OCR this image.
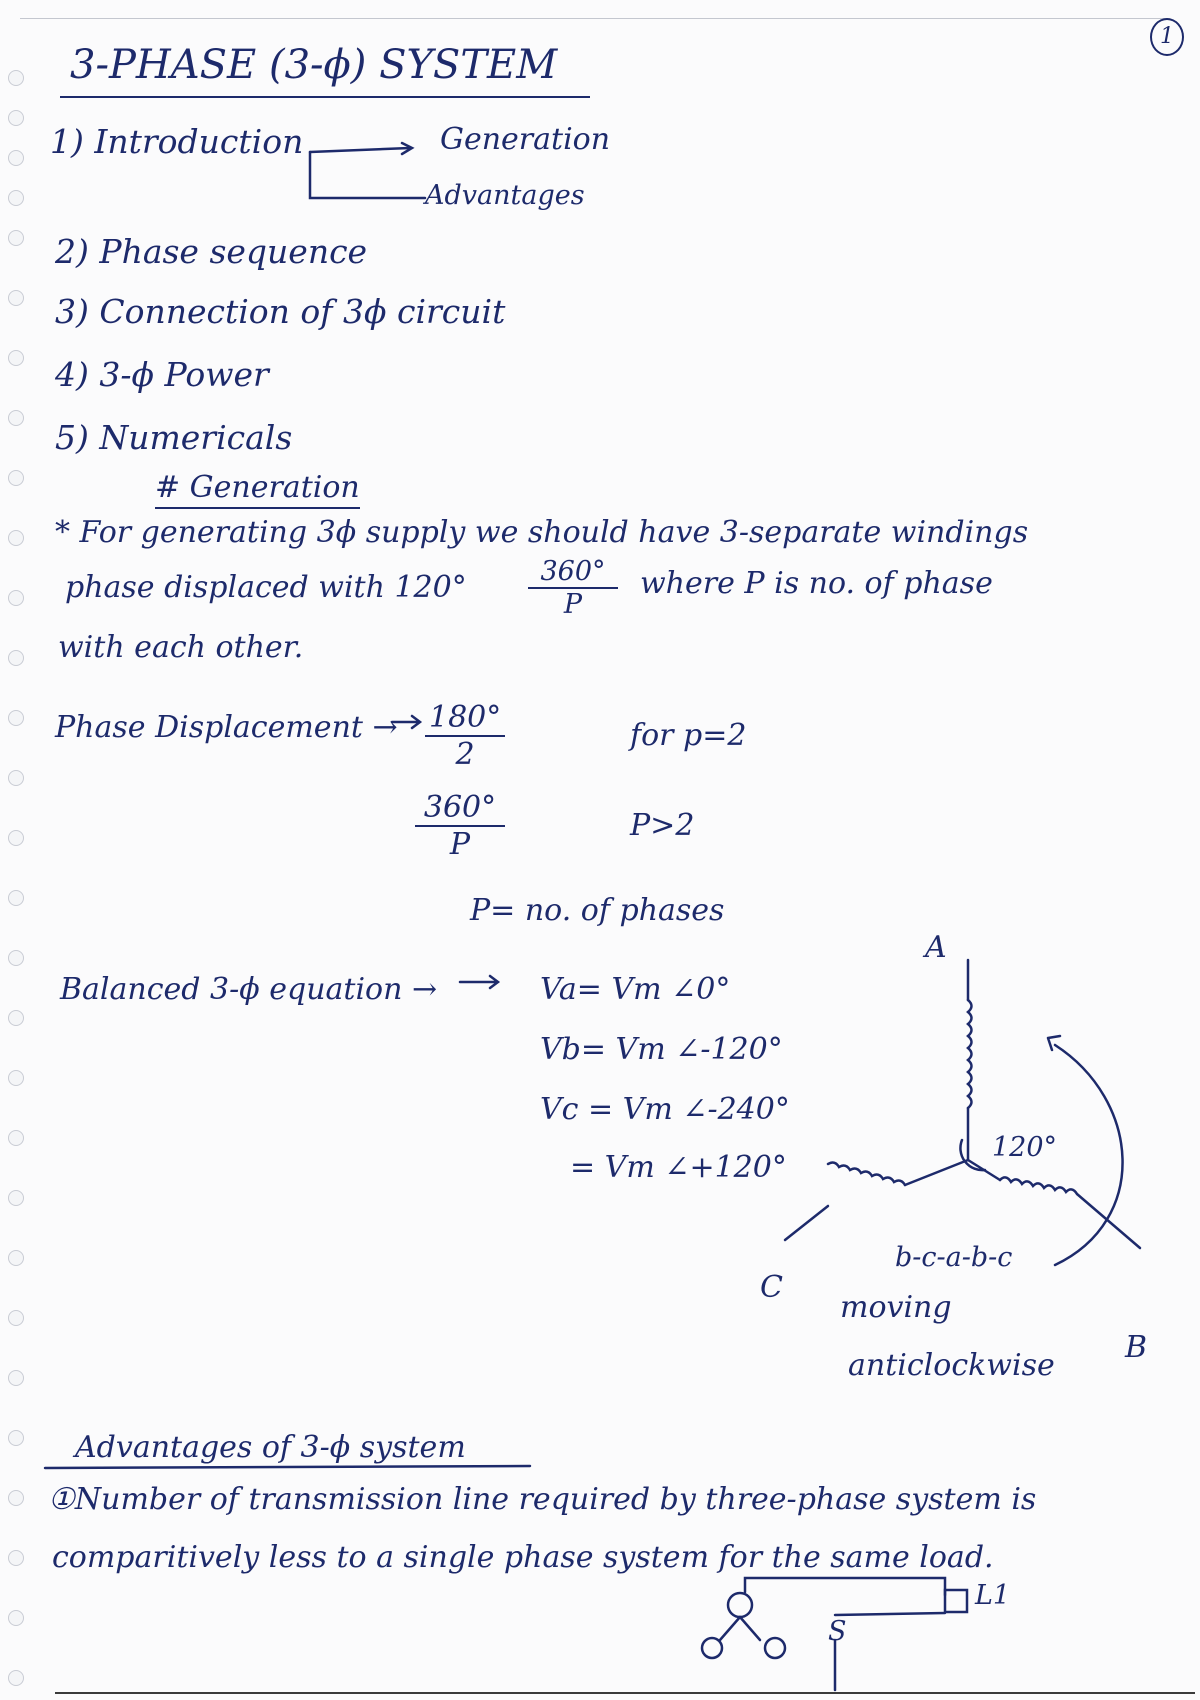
1
3-PHASE (3-ϕ) SYSTEM
1) Introduction	Generation
Advantages
2) Phase sequence
3) Connection of 3ϕ circuit
4) 3-ϕ Power
5) Numericals
# Generation
* For generating 3ϕ supply we should have 3-separate windings
phase displaced with $120^\circ \frac{360^\circ}{P}$ where P is no. of phase
with each other.
Phase Displacement → $\frac{180^\circ}{2}$	for p=2
$\frac{360^\circ}{P}$	P>2
P= no. of phases
Balanced 3-ϕ equation →	Va= Vm ∠0°
Vb= Vm ∠-120°
Vc = Vm ∠-240°
= Vm ∠+120°
A
B
C
120°
b-c-a-b-c
moving
anticlockwise
Advantages of 3-ϕ system
①Number of transmission line required by three-phase system is
comparitively less to a single phase system for the same load.
L1
S
